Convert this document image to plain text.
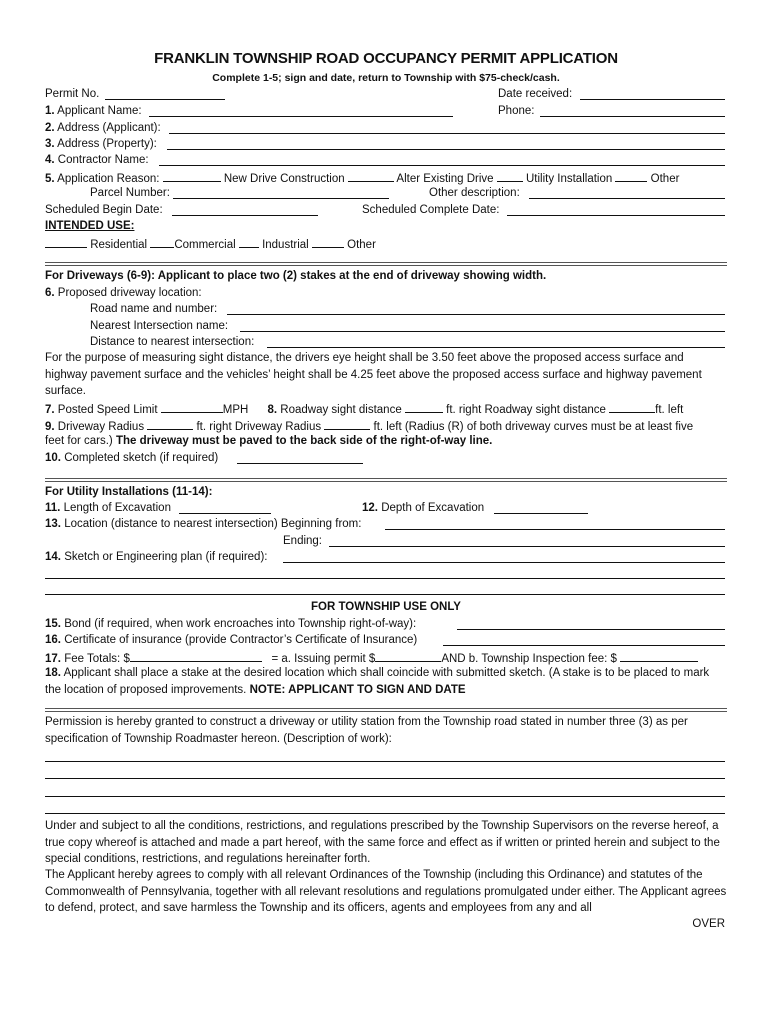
FRANKLIN TOWNSHIP ROAD OCCUPANCY PERMIT APPLICATION
Complete 1-5; sign and date, return to Township with $75-check/cash.
Permit No.	Date received:
1. Applicant Name:	Phone:
2. Address (Applicant):
3. Address (Property):
4. Contractor Name:
5. Application Reason:	New Drive Construction	Alter Existing Drive	Utility Installation	Other
Parcel Number:	Other description:
Scheduled Begin Date:	Scheduled Complete Date:
INTENDED USE:
Residential Commercial Industrial	Other
For Driveways (6-9): Applicant to place two (2) stakes at the end of driveway showing width.
6. Proposed driveway location:
Road name and number:
Nearest Intersection name:
Distance to nearest intersection:
For the purpose of measuring sight distance, the drivers eye height shall be 3.50 feet above the proposed access surface and highway pavement surface and the vehicles’ height shall be 4.25 feet above the proposed access surface and highway pavement surface.
7. Posted Speed Limit	MPH 8. Roadway sight distance	ft. right Roadway sight distance	ft. left
9. Driveway Radius	ft. right Driveway Radius	ft. left (Radius (R) of both driveway curves must be at least five
feet for cars.) The driveway must be paved to the back side of the right-of-way line.
10. Completed sketch (if required)
For Utility Installations (11-14):
11. Length of Excavation	12. Depth of Excavation
13. Location (distance to nearest intersection) Beginning from:
Ending:
14. Sketch or Engineering plan (if required):
FOR TOWNSHIP USE ONLY
15. Bond (if required, when work encroaches into Township right-of-way):
16. Certificate of insurance (provide Contractor’s Certificate of Insurance)
17. Fee Totals: $	= a. Issuing permit $	AND b. Township Inspection fee: $
18. Applicant shall place a stake at the desired location which shall coincide with submitted sketch. (A stake is to be placed to mark the location of proposed improvements. NOTE: APPLICANT TO SIGN AND DATE
Permission is hereby granted to construct a driveway or utility station from the Township road stated in number three (3) as per specification of Township Roadmaster hereon. (Description of work):
Under and subject to all the conditions, restrictions, and regulations prescribed by the Township Supervisors on the reverse hereof, a true copy whereof is attached and made a part hereof, with the same force and effect as if written or printed herein and subject to the special conditions, restrictions, and regulations hereinafter forth.
The Applicant hereby agrees to comply with all relevant Ordinances of the Township (including this Ordinance) and statutes of the Commonwealth of Pennsylvania, together with all relevant resolutions and regulations promulgated under either. The Applicant agrees to defend, protect, and save harmless the Township and its officers, agents and employees from any and all
OVER
